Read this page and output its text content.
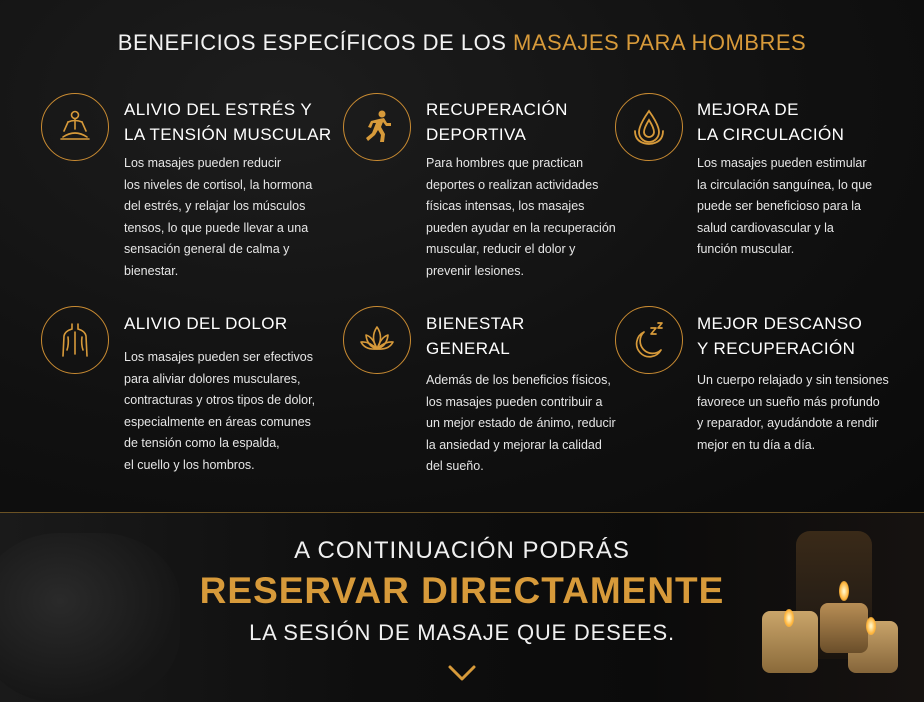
BENEFICIOS ESPECÍFICOS DE LOS MASAJES PARA HOMBRES
ALIVIO DEL ESTRÉS Y
LA TENSIÓN MUSCULAR
Los masajes pueden reducir
los niveles de cortisol, la hormona
del estrés, y relajar los músculos
tensos, lo que puede llevar a una
sensación general de calma y
bienestar.
RECUPERACIÓN
DEPORTIVA
Para hombres que practican
deportes o realizan actividades
físicas intensas, los masajes
pueden ayudar en la recuperación
muscular, reducir el dolor y
prevenir lesiones.
MEJORA DE
LA CIRCULACIÓN
Los masajes pueden estimular
la circulación sanguínea, lo que
puede ser beneficioso para la
salud cardiovascular y la
función muscular.
ALIVIO DEL DOLOR
Los masajes pueden ser efectivos
para aliviar dolores musculares,
contracturas y otros tipos de dolor,
especialmente en áreas comunes
de tensión como la espalda,
el cuello y los hombros.
BIENESTAR
GENERAL
Además de los beneficios físicos,
los masajes pueden contribuir a
un mejor estado de ánimo, reducir
la ansiedad y mejorar la calidad
del sueño.
MEJOR DESCANSO
Y RECUPERACIÓN
Un cuerpo relajado y sin tensiones
favorece un sueño más profundo
y reparador, ayudándote a rendir
mejor en tu día a día.
A CONTINUACIÓN PODRÁS
RESERVAR DIRECTAMENTE
LA SESIÓN DE MASAJE QUE DESEES.
